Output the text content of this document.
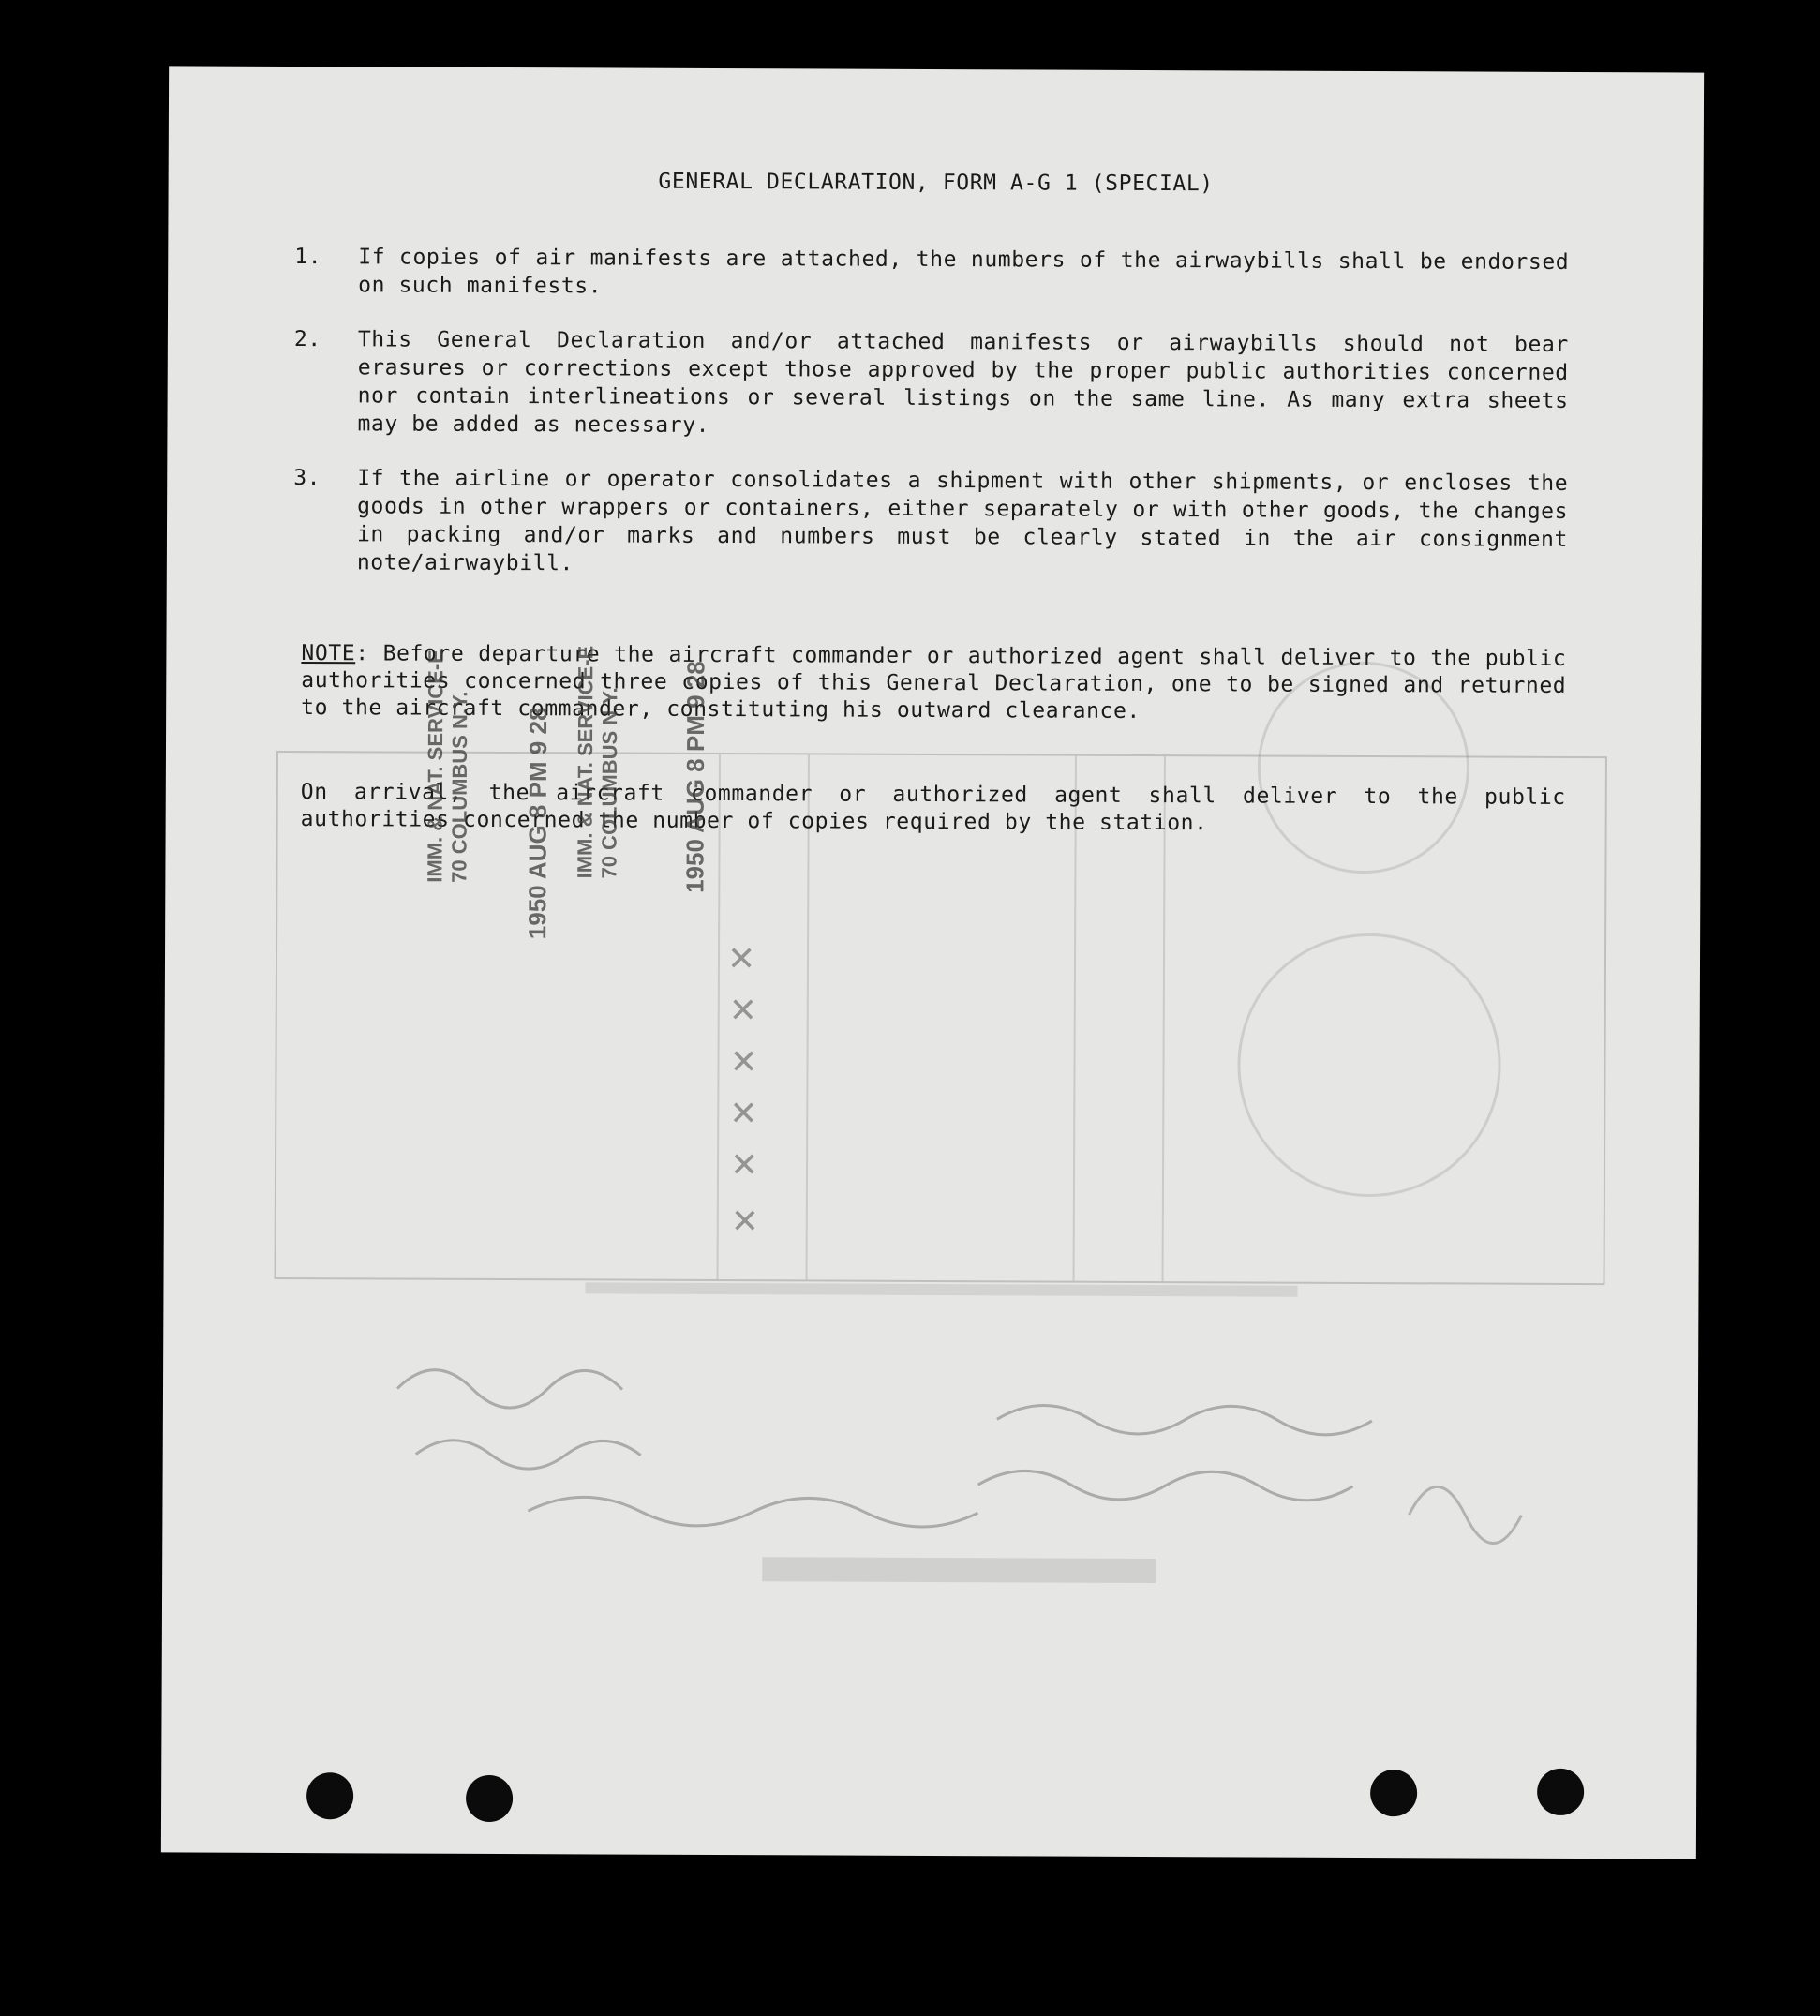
GENERAL DECLARATION, FORM A-G 1 (SPECIAL)
1.	If copies of air manifests are attached, the numbers of the airwaybills shall be endorsed on such manifests.
2.	This General Declaration and/or attached manifests or airwaybills should not bear erasures or corrections except those approved by the proper public authorities concerned nor contain interlineations or several listings on the same line. As many extra sheets may be added as necessary.
3.	If the airline or operator consolidates a shipment with other shipments, or encloses the goods in other wrappers or containers, either separately or with other goods, the changes in packing and/or marks and numbers must be clearly stated in the air consignment note/airwaybill.
NOTE: Before departure the aircraft commander or authorized agent shall deliver to the public authorities concerned three copies of this General Declaration, one to be signed and returned to the aircraft commander, constituting his outward clearance.
On arrival, the aircraft commander or authorized agent shall deliver to the public authorities concerned the number of copies required by the station.
IMM. & NAT. SERVICE-E 70 COLUMBUS N.Y. 1950 AUG 8 PM 9 28 IMM. & NAT. SERVICE-E 70 COLUMBUS N.Y. 1950 AUG 8 PM 9 28
✕
✕
✕
✕
✕
✕
